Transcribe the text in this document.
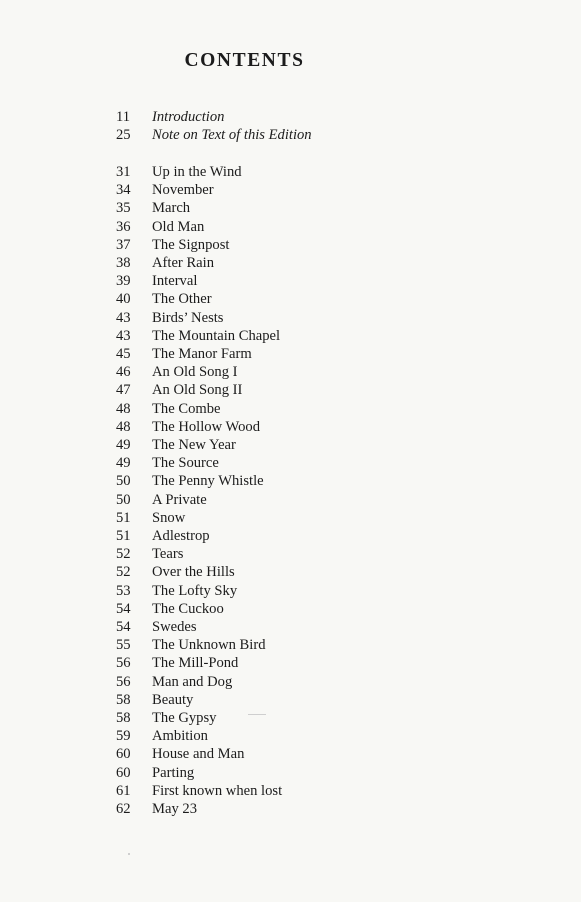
CONTENTS
11	Introduction
25	Note on Text of this Edition
31	Up in the Wind
34	November
35	March
36	Old Man
37	The Signpost
38	After Rain
39	Interval
40	The Other
43	Birds’ Nests
43	The Mountain Chapel
45	The Manor Farm
46	An Old Song I
47	An Old Song II
48	The Combe
48	The Hollow Wood
49	The New Year
49	The Source
50	The Penny Whistle
50	A Private
51	Snow
51	Adlestrop
52	Tears
52	Over the Hills
53	The Lofty Sky
54	The Cuckoo
54	Swedes
55	The Unknown Bird
56	The Mill-Pond
56	Man and Dog
58	Beauty
58	The Gypsy
59	Ambition
60	House and Man
60	Parting
61	First known when lost
62	May 23
